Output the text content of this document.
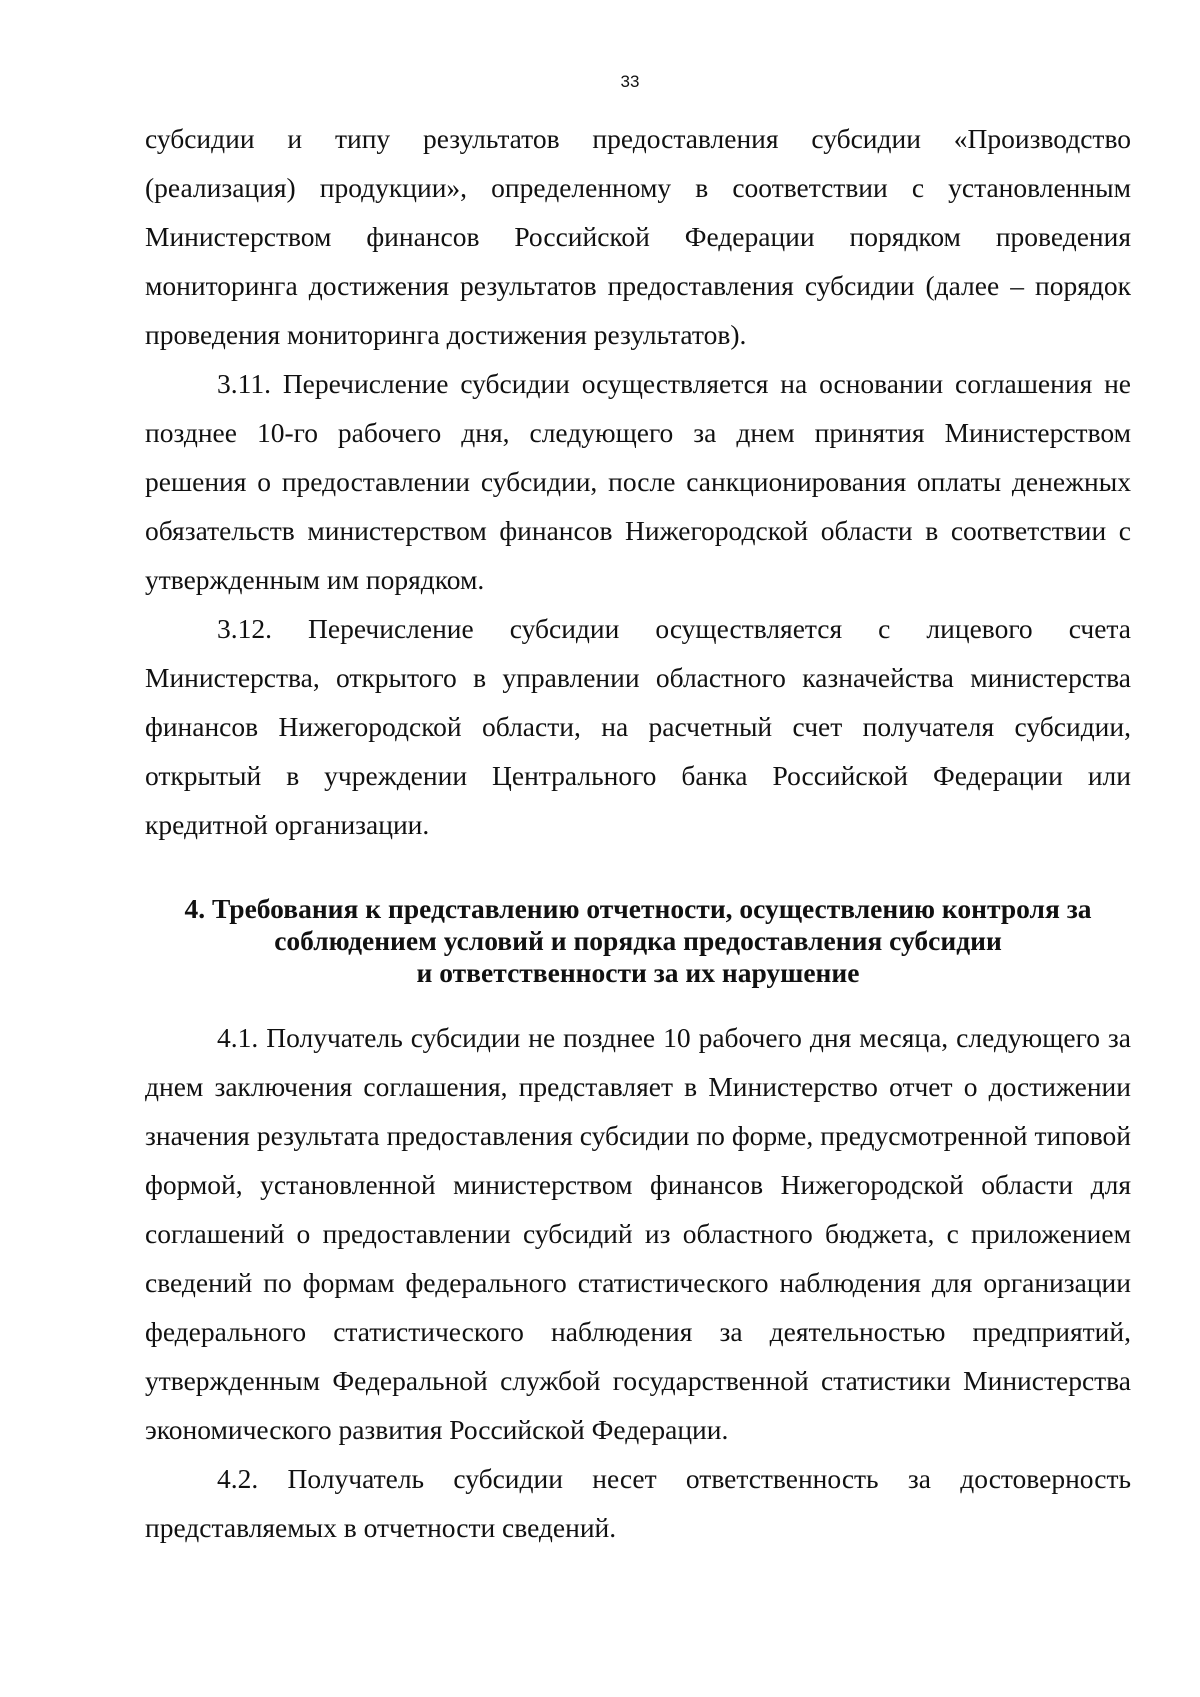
33

субсидии и типу результатов предоставления субсидии «Производство (реализация) продукции», определенному в соответствии с установленным Министерством финансов Российской Федерации порядком проведения мониторинга достижения результатов предоставления субсидии (далее – порядок проведения мониторинга достижения результатов).

3.11. Перечисление субсидии осуществляется на основании соглашения не позднее 10-го рабочего дня, следующего за днем принятия Министерством решения о предоставлении субсидии, после санкционирования оплаты денежных обязательств министерством финансов Нижегородской области в соответствии с утвержденным им порядком.

3.12. Перечисление субсидии осуществляется с лицевого счета Министерства, открытого в управлении областного казначейства министерства финансов Нижегородской области, на расчетный счет получателя субсидии, открытый в учреждении Центрального банка Российской Федерации или кредитной организации.

4. Требования к представлению отчетности, осуществлению контроля за
соблюдением условий и порядка предоставления субсидии
и ответственности за их нарушение

4.1. Получатель субсидии не позднее 10 рабочего дня месяца, следующего за днем заключения соглашения, представляет в Министерство отчет о достижении значения результата предоставления субсидии по форме, предусмотренной типовой формой, установленной министерством финансов Нижегородской области для соглашений о предоставлении субсидий из областного бюджета, с приложением сведений по формам федерального статистического наблюдения для организации федерального статистического наблюдения за деятельностью предприятий, утвержденным Федеральной службой государственной статистики Министерства экономического развития Российской Федерации.

4.2. Получатель субсидии несет ответственность за достоверность представляемых в отчетности сведений.
